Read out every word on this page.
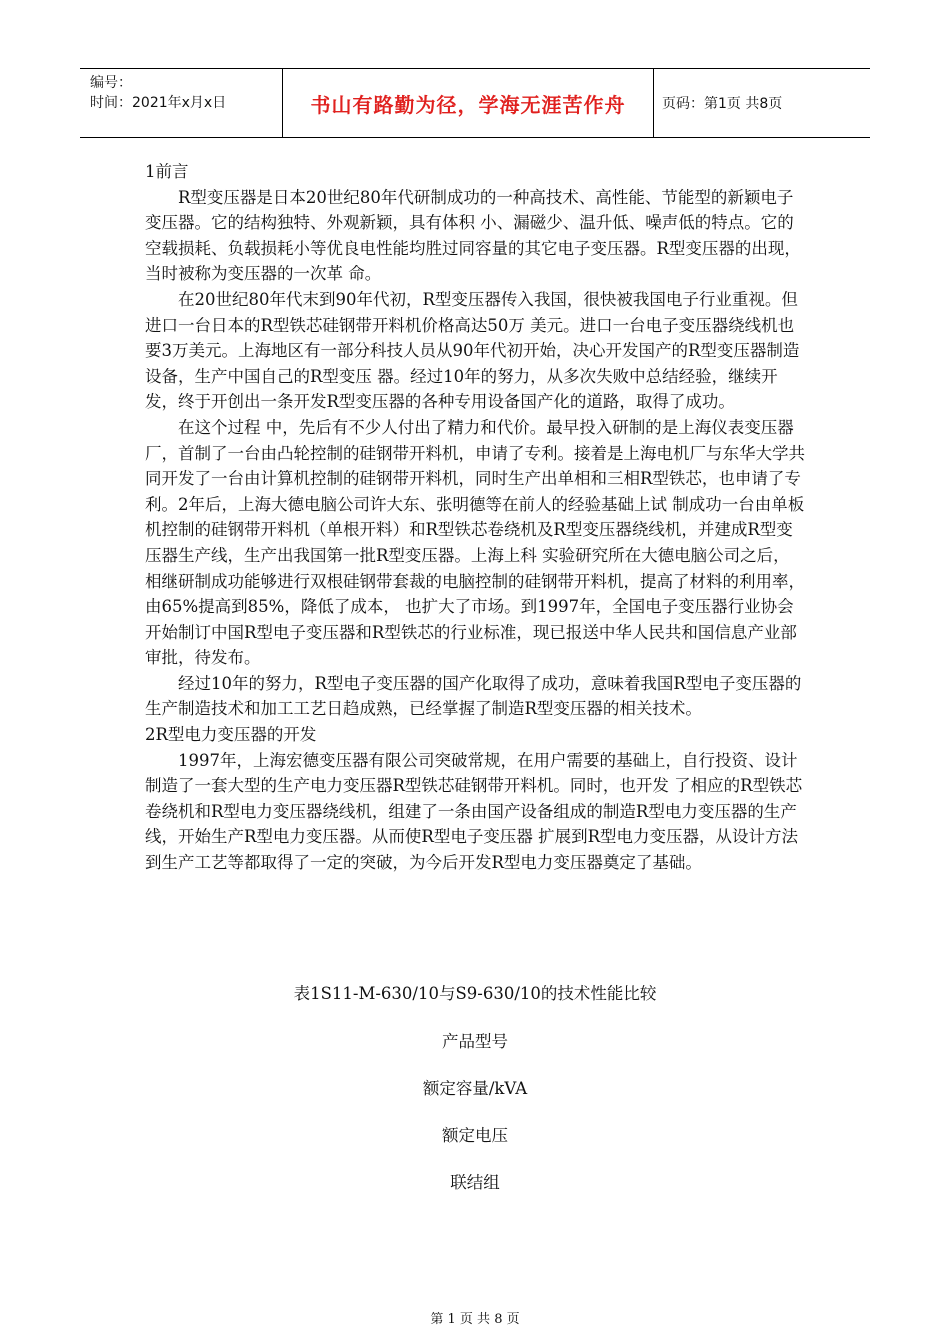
编号：
时间：2021年x月x日	书山有路勤为径，学海无涯苦作舟	页码：第1页 共8页

1前言

R型变压器是日本20世纪80年代研制成功的一种高技术、高性能、节能型的新颖电子变压器。它的结构独特、外观新颖，具有体积 小、漏磁少、温升低、噪声低的特点。它的空载损耗、负载损耗小等优良电性能均胜过同容量的其它电子变压器。R型变压器的出现，当时被称为变压器的一次革 命。

在20世纪80年代末到90年代初，R型变压器传入我国，很快被我国电子行业重视。但进口一台日本的R型铁芯硅钢带开料机价格高达50万 美元。进口一台电子变压器绕线机也要3万美元。上海地区有一部分科技人员从90年代初开始，决心开发国产的R型变压器制造设备，生产中国自己的R型变压 器。经过10年的努力，从多次失败中总结经验，继续开发，终于开创出一条开发R型变压器的各种专用设备国产化的道路，取得了成功。

在这个过程 中，先后有不少人付出了精力和代价。最早投入研制的是上海仪表变压器厂，首制了一台由凸轮控制的硅钢带开料机，申请了专利。接着是上海电机厂与东华大学共 同开发了一台由计算机控制的硅钢带开料机，同时生产出单相和三相R型铁芯，也申请了专利。2年后，上海大德电脑公司许大东、张明德等在前人的经验基础上试 制成功一台由单板机控制的硅钢带开料机（单根开料）和R型铁芯卷绕机及R型变压器绕线机，并建成R型变压器生产线，生产出我国第一批R型变压器。上海上科 实验研究所在大德电脑公司之后，相继研制成功能够进行双根硅钢带套裁的电脑控制的硅钢带开料机，提高了材料的利用率，由65%提高到85%，降低了成本， 也扩大了市场。到1997年，全国电子变压器行业协会开始制订中国R型电子变压器和R型铁芯的行业标准，现已报送中华人民共和国信息产业部审批，待发布。

经过10年的努力，R型电子变压器的国产化取得了成功，意味着我国R型电子变压器的生产制造技术和加工工艺日趋成熟，已经掌握了制造R型变压器的相关技术。

2R型电力变压器的开发

1997年，上海宏德变压器有限公司突破常规，在用户需要的基础上，自行投资、设计制造了一套大型的生产电力变压器R型铁芯硅钢带开料机。同时，也开发 了相应的R型铁芯卷绕机和R型电力变压器绕线机，组建了一条由国产设备组成的制造R型电力变压器的生产线，开始生产R型电力变压器。从而使R型电子变压器 扩展到R型电力变压器，从设计方法到生产工艺等都取得了一定的突破，为今后开发R型电力变压器奠定了基础。

表1S11-M-630/10与S9-630/10的技术性能比较
产品型号
额定容量/kVA
额定电压
联结组
第 1 页 共 8 页
